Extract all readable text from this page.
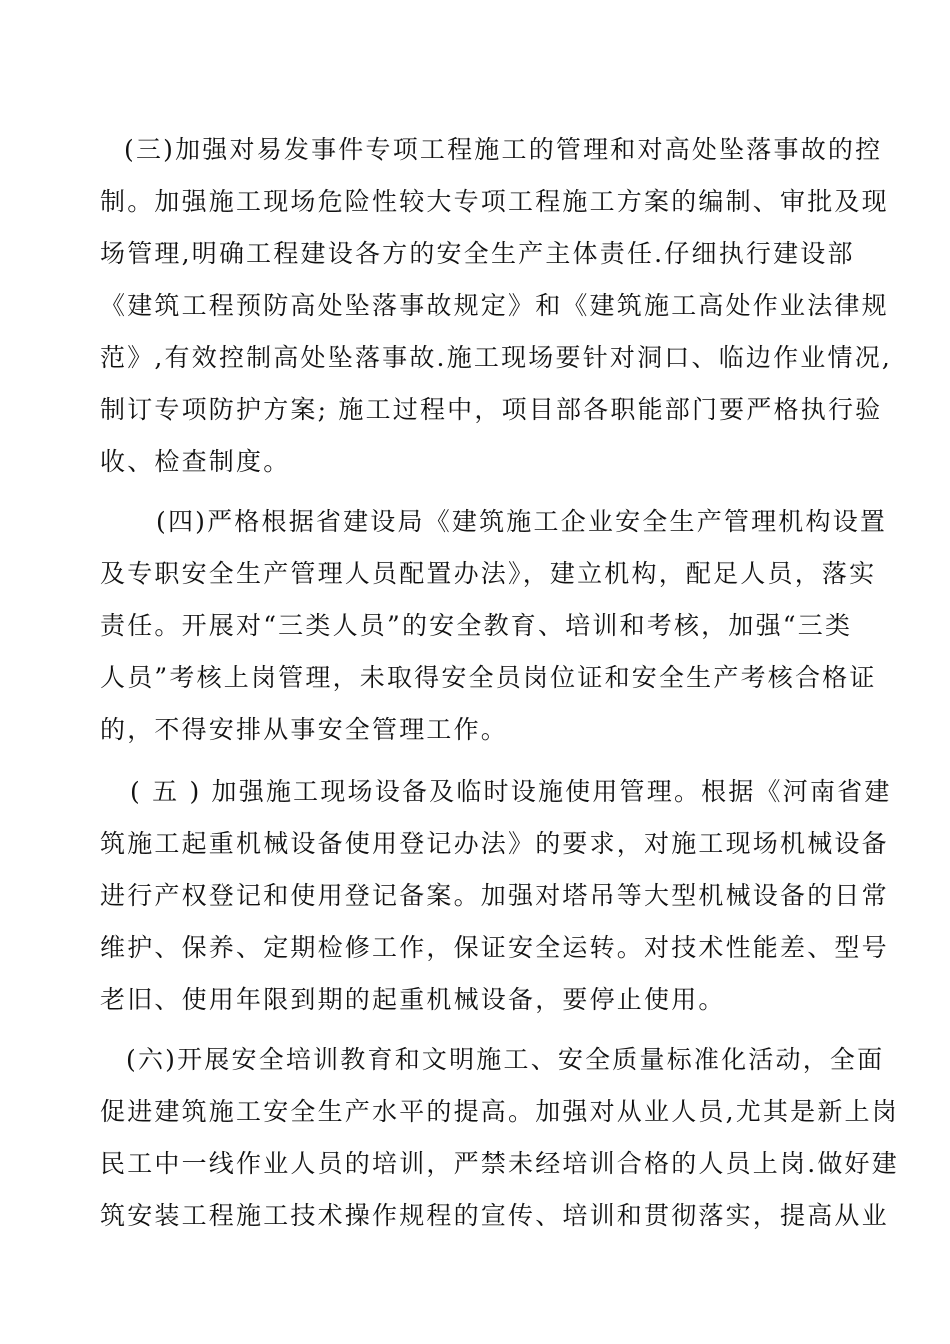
(三)加强对易发事件专项工程施工的管理和对高处坠落事故的控
制。加强施工现场危险性较大专项工程施工方案的编制、审批及现
场管理,明确工程建设各方的安全生产主体责任.仔细执行建设部
《建筑工程预防高处坠落事故规定》和《建筑施工高处作业法律规
范》,有效控制高处坠落事故.施工现场要针对洞口、临边作业情况,
制订专项防护方案; 施工过程中，项目部各职能部门要严格执行验
收、检查制度。

(四)严格根据省建设局《建筑施工企业安全生产管理机构设置
及专职安全生产管理人员配置办法》，建立机构，配足人员，落实
责任。开展对“三类人员”的安全教育、培训和考核，加强“三类
人员”考核上岗管理，未取得安全员岗位证和安全生产考核合格证
的，不得安排从事安全管理工作。

( 五 ) 加强施工现场设备及临时设施使用管理。根据《河南省建
筑施工起重机械设备使用登记办法》的要求，对施工现场机械设备
进行产权登记和使用登记备案。加强对塔吊等大型机械设备的日常
维护、保养、定期检修工作，保证安全运转。对技术性能差、型号
老旧、使用年限到期的起重机械设备，要停止使用。

(六)开展安全培训教育和文明施工、安全质量标准化活动，全面
促进建筑施工安全生产水平的提高。加强对从业人员,尤其是新上岗
民工中一线作业人员的培训，严禁未经培训合格的人员上岗.做好建
筑安装工程施工技术操作规程的宣传、培训和贯彻落实，提高从业
